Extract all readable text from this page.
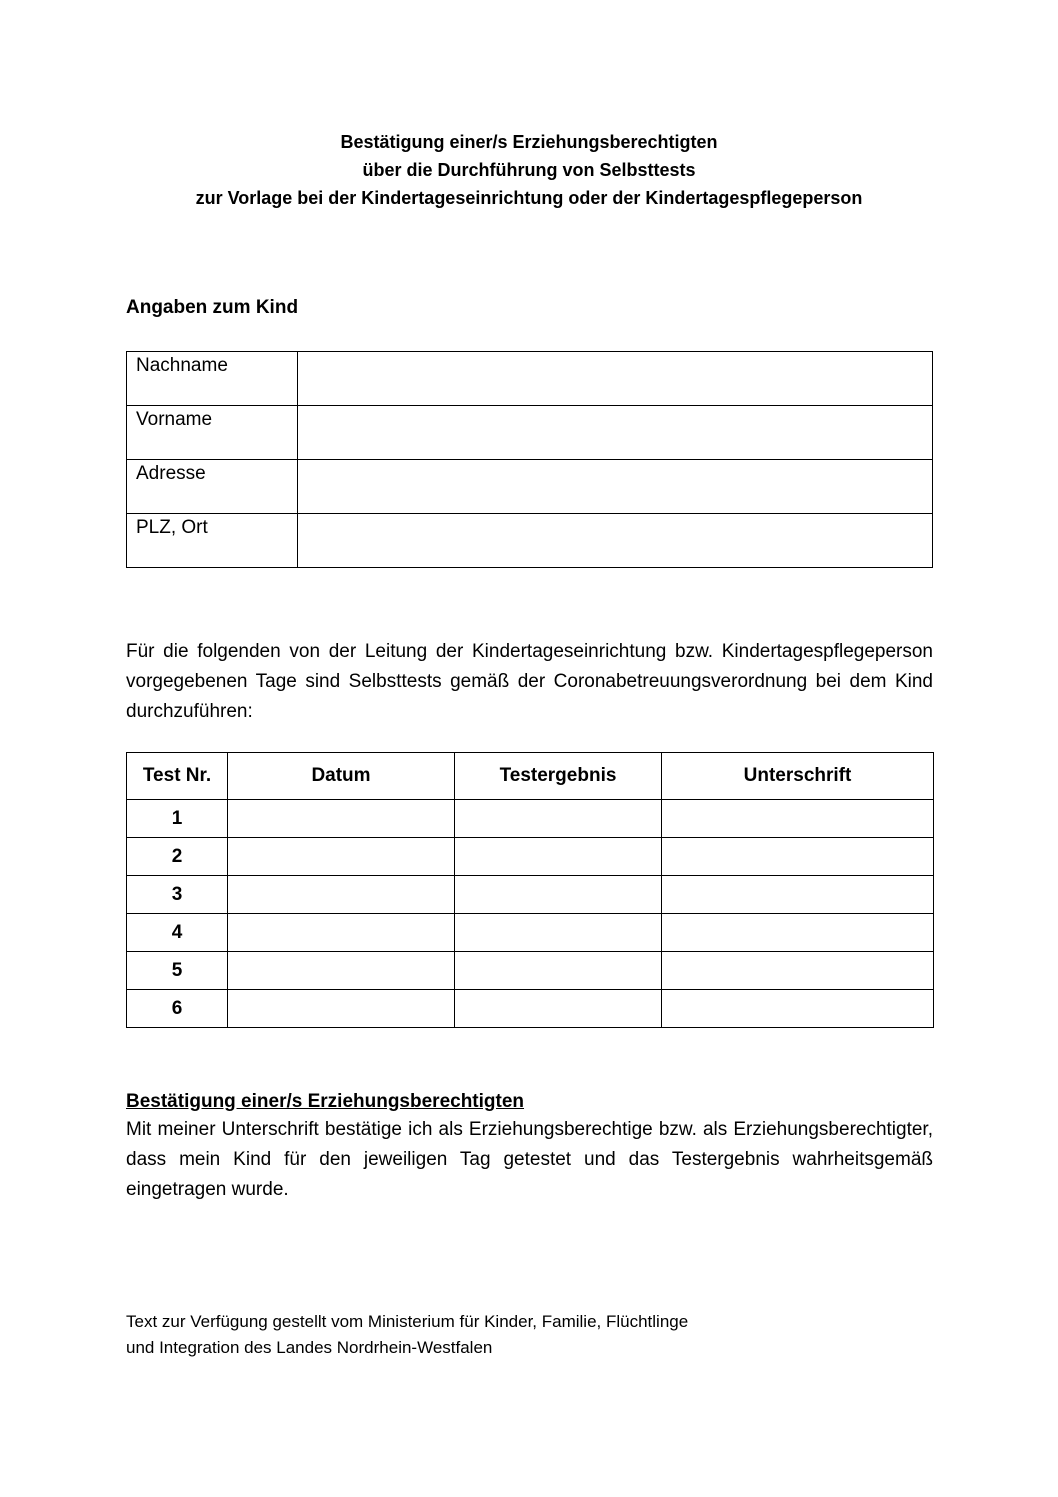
Bestätigung einer/s Erziehungsberechtigten
über die Durchführung von Selbsttests
zur Vorlage bei der Kindertageseinrichtung oder der Kindertagespflegeperson
Angaben zum Kind
Nachname	
Vorname	
Adresse	
PLZ, Ort	
Für die folgenden von der Leitung der Kindertageseinrichtung bzw. Kindertagespflegeperson vorgegebenen Tage sind Selbsttests gemäß der Coronabetreuungsverordnung bei dem Kind durchzuführen:
Test Nr.	Datum	Testergebnis	Unterschrift
1			
2			
3			
4			
5			
6			
Bestätigung einer/s Erziehungsberechtigten
Mit meiner Unterschrift bestätige ich als Erziehungsberechtige bzw. als Erziehungsberechtigter, dass mein Kind für den jeweiligen Tag getestet und das Testergebnis wahrheitsgemäß eingetragen wurde.
Text zur Verfügung gestellt vom Ministerium für Kinder, Familie, Flüchtlinge
und Integration des Landes Nordrhein-Westfalen
